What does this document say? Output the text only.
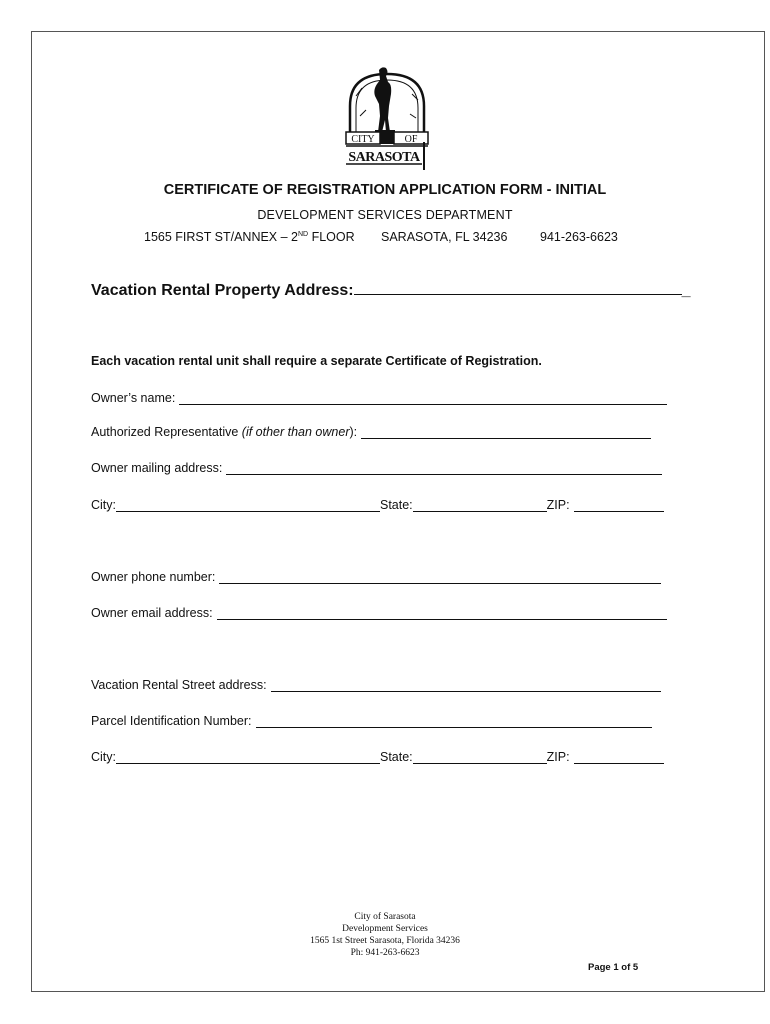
CITY	OF
SARASOTA
CERTIFICATE OF REGISTRATION APPLICATION FORM - INITIAL
DEVELOPMENT SERVICES DEPARTMENT
1565 FIRST ST/ANNEX – 2ND FLOOR SARASOTA, FL 34236	941-263-6623
Vacation Rental Property Address:	_
Each vacation rental unit shall require a separate Certificate of Registration.
Owner’s name:
Authorized Representative (if other than owner):
Owner mailing address:
City:	State:	ZIP:
Owner phone number:
Owner email address:
Vacation Rental Street address:
Parcel Identification Number:
City:	State:	ZIP:
City of Sarasota
Development Services
1565 1st Street Sarasota, Florida 34236
Ph: 941-263-6623
Page 1 of 5
